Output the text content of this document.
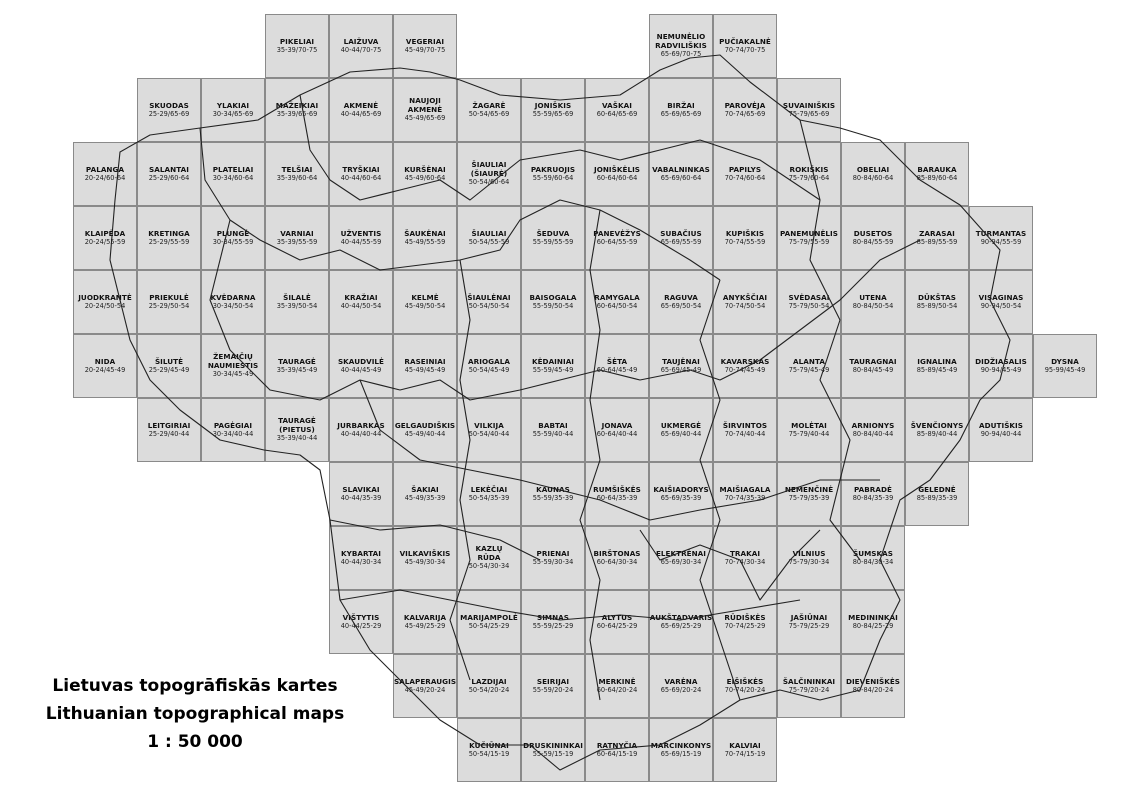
PIKELIAI
35-39/70-75
LAIŽUVA
40-44/70-75
VEGERIAI
45-49/70-75
NEMUNĖLIO
RADVILIŠKIS
65-69/70-75
PUČIAKALNĖ
70-74/70-75
SKUODAS
25-29/65-69
YLAKIAI
30-34/65-69
MAŽEIKIAI
35-39/65-69
AKMENĖ
40-44/65-69
NAUJOJI
AKMENĖ
45-49/65-69
ŽAGARĖ
50-54/65-69
JONIŠKIS
55-59/65-69
VAŠKAI
60-64/65-69
BIRŽAI
65-69/65-69
PAROVĖJA
70-74/65-69
SUVAINIŠKIS
75-79/65-69
PALANGA
20-24/60-64
SALANTAI
25-29/60-64
PLATELIAI
30-34/60-64
TELŠIAI
35-39/60-64
TRYŠKIAI
40-44/60-64
KURŠĖNAI
45-49/60-64
ŠIAULIAI
(ŠIAURĖ)
50-54/60-64
PAKRUOJIS
55-59/60-64
JONIŠKĖLIS
60-64/60-64
VABALNINKAS
65-69/60-64
PAPILYS
70-74/60-64
ROKIŠKIS
75-79/60-64
OBELIAI
80-84/60-64
BARAUKA
85-89/60-64
KLAIPĖDA
20-24/55-59
KRETINGA
25-29/55-59
PLUNGĖ
30-34/55-59
VARNIAI
35-39/55-59
UŽVENTIS
40-44/55-59
ŠAUKĖNAI
45-49/55-59
ŠIAULIAI
50-54/55-59
ŠEDUVA
55-59/55-59
PANEVĖŽYS
60-64/55-59
SUBAČIUS
65-69/55-59
KUPIŠKIS
70-74/55-59
PANEMUNĖLIS
75-79/55-59
DUSETOS
80-84/55-59
ZARASAI
85-89/55-59
TURMANTAS
90-94/55-59
JUODKRANTĖ
20-24/50-54
PRIEKULĖ
25-29/50-54
KVĖDARNA
30-34/50-54
ŠILALĖ
35-39/50-54
KRAŽIAI
40-44/50-54
KELMĖ
45-49/50-54
ŠIAULĖNAI
50-54/50-54
BAISOGALA
55-59/50-54
RAMYGALA
60-64/50-54
RAGUVA
65-69/50-54
ANYKŠČIAI
70-74/50-54
SVĖDASAI
75-79/50-54
UTENA
80-84/50-54
DŪKŠTAS
85-89/50-54
VISAGINAS
90-94/50-54
NIDA
20-24/45-49
ŠILUTĖ
25-29/45-49
ŽEMAIČIŲ
NAUMIESTIS
30-34/45-49
TAURAGĖ
35-39/45-49
SKAUDVILĖ
40-44/45-49
RASEINIAI
45-49/45-49
ARIOGALA
50-54/45-49
KĖDAINIAI
55-59/45-49
ŠĖTA
60-64/45-49
TAUJĖNAI
65-69/45-49
KAVARSKAS
70-74/45-49
ALANTA
75-79/45-49
TAURAGNAI
80-84/45-49
IGNALINA
85-89/45-49
DIDŽIASALIS
90-94/45-49
DYSNA
95-99/45-49
LEITGIRIAI
25-29/40-44
PAGĖGIAI
30-34/40-44
TAURAGĖ
(PIETUS)
35-39/40-44
JURBARKAS
40-44/40-44
GELGAUDIŠKIS
45-49/40-44
VILKIJA
50-54/40-44
BABTAI
55-59/40-44
JONAVA
60-64/40-44
UKMERGĖ
65-69/40-44
ŠIRVINTOS
70-74/40-44
MOLĖTAI
75-79/40-44
ARNIONYS
80-84/40-44
ŠVENČIONYS
85-89/40-44
ADUTIŠKIS
90-94/40-44
SLAVIKAI
40-44/35-39
ŠAKIAI
45-49/35-39
LEKĖČIAI
50-54/35-39
KAUNAS
55-59/35-39
RUMŠIŠKĖS
60-64/35-39
KAIŠIADORYS
65-69/35-39
MAIŠIAGALA
70-74/35-39
NEMENČINĖ
75-79/35-39
PABRADĖ
80-84/35-39
GELEDNĖ
85-89/35-39
KYBARTAI
40-44/30-34
VILKAVIŠKIS
45-49/30-34
KAZLŲ
RŪDA
50-54/30-34
PRIENAI
55-59/30-34
BIRŠTONAS
60-64/30-34
ELEKTRĖNAI
65-69/30-34
TRAKAI
70-74/30-34
VILNIUS
75-79/30-34
ŠUMSKAS
80-84/30-34
VIŠTYTIS
40-44/25-29
KALVARIJA
45-49/25-29
MARIJAMPOLĖ
50-54/25-29
SIMNAS
55-59/25-29
ALYTUS
60-64/25-29
AUKŠTADVARIS
65-69/25-29
RŪDIŠKĖS
70-74/25-29
JAŠIŪNAI
75-79/25-29
MEDININKAI
80-84/25-29
SALAPERAUGIS
45-49/20-24
LAZDIJAI
50-54/20-24
SEIRIJAI
55-59/20-24
MERKINĖ
60-64/20-24
VARĖNA
65-69/20-24
EIŠIŠKĖS
70-74/20-24
ŠALČININKAI
75-79/20-24
DIEVENIŠKĖS
80-84/20-24
KUČIŪNAI
50-54/15-19
DRUSKININKAI
55-59/15-19
RATNYČIA
60-64/15-19
MARCINKONYS
65-69/15-19
KALVIAI
70-74/15-19
Lietuvas topogrāfiskās kartes
Lithuanian topographical maps
1 : 50 000
